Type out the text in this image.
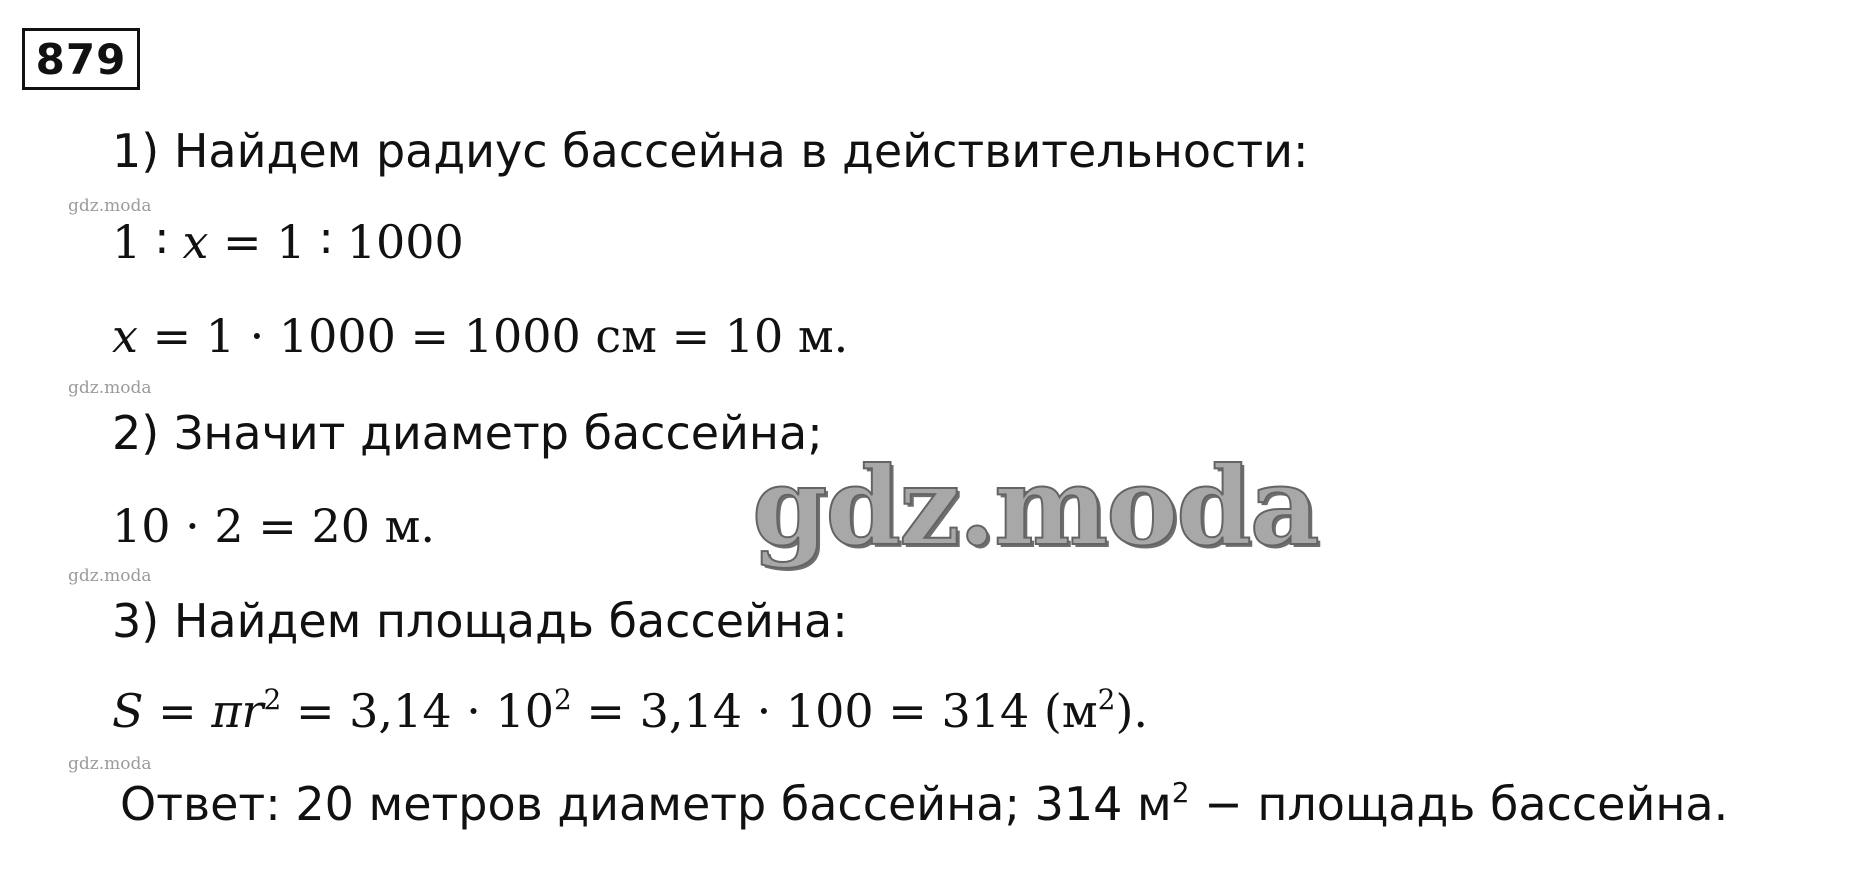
879
1) Найдем радиус бассейна в действительности:
1 ∶ x = 1 ∶ 1000
x = 1 · 1000 = 1000 см = 10 м.
2) Значит диаметр бассейна;
10 · 2 = 20 м.
3) Найдем площадь бассейна:
$S = \pi r^2 = 3,14 \cdot 10^2 = 3,14 \cdot 100 = 314$ $(м^2)$.
Ответ: 20 метров диаметр бассейна; 314 $м^2$ − площадь бассейна.
gdz.moda
gdz.moda
gdz.moda
gdz.moda
gdz.moda
